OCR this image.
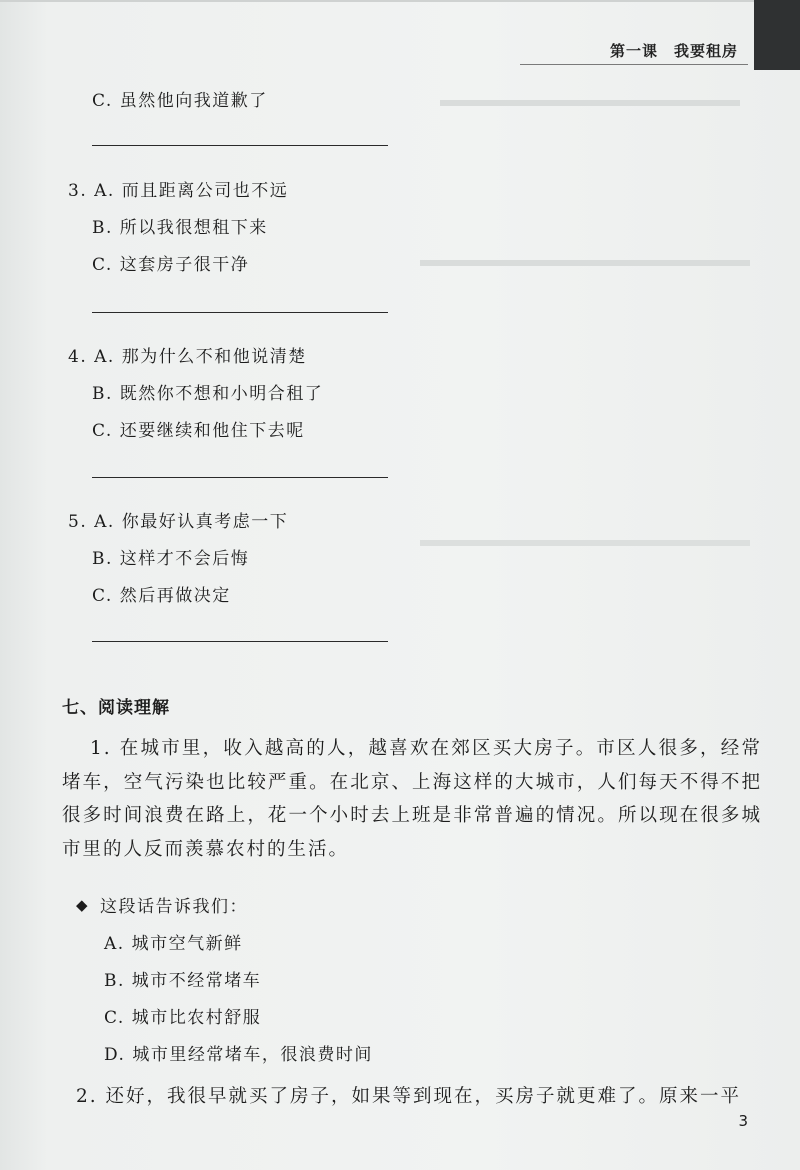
第一课　我要租房
C. 虽然他向我道歉了
3. A. 而且距离公司也不远
B. 所以我很想租下来
C. 这套房子很干净
4. A. 那为什么不和他说清楚
B. 既然你不想和小明合租了
C. 还要继续和他住下去呢
5. A. 你最好认真考虑一下
B. 这样才不会后悔
C. 然后再做决定
七、阅读理解
1. 在城市里，收入越高的人，越喜欢在郊区买大房子。市区人很多，经常堵车，空气污染也比较严重。在北京、上海这样的大城市，人们每天不得不把很多时间浪费在路上，花一个小时去上班是非常普遍的情况。所以现在很多城市里的人反而羡慕农村的生活。
◆ 这段话告诉我们：
A. 城市空气新鲜
B. 城市不经常堵车
C. 城市比农村舒服
D. 城市里经常堵车，很浪费时间
2. 还好，我很早就买了房子，如果等到现在，买房子就更难了。原来一平
3
